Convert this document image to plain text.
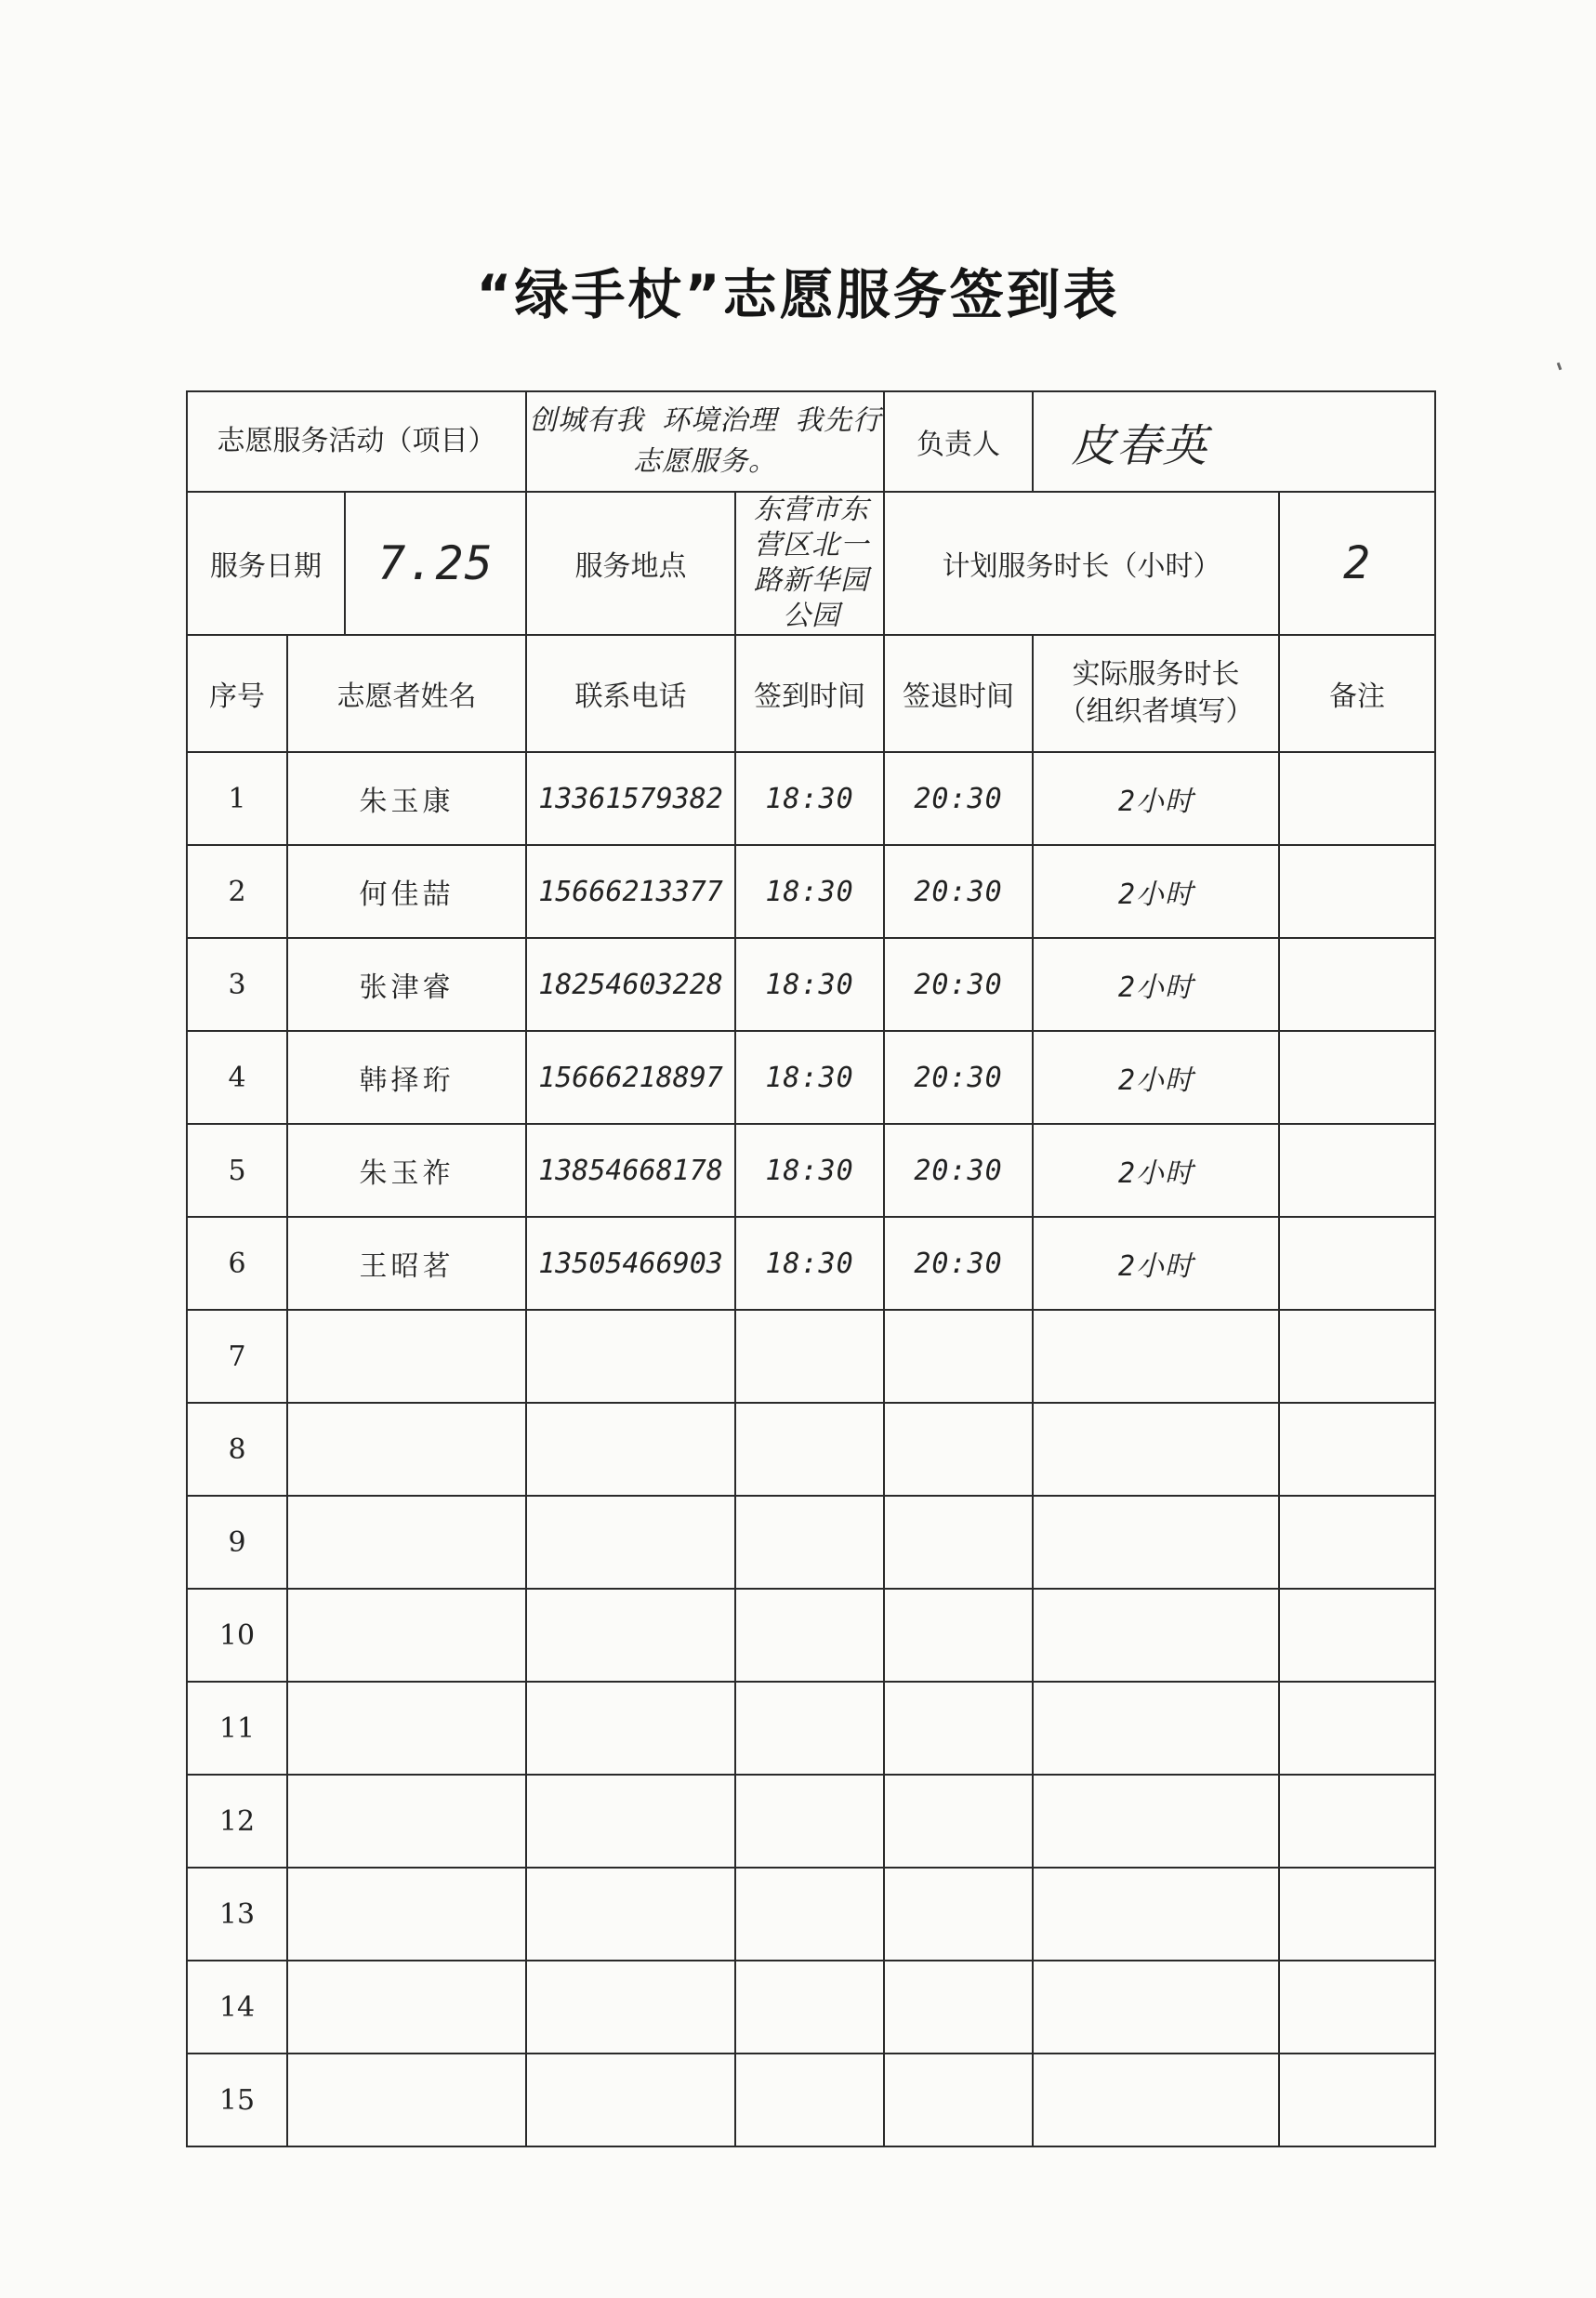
“绿手杖”志愿服务签到表
志愿服务活动（项目）			创城有我 环境治理 我先行志愿服务。		负责人	皮春英	
服务日期		7.25	服务地点	东营市东营区北一路新华园公园	计划服务时长（小时）		2
序号	志愿者姓名		联系电话	签到时间	签退时间	实际服务时长（组织者填写）	备注
1	朱玉康		13361579382	18:30	20:30	2小时	
2	何佳喆		15666213377	18:30	20:30	2小时	
3	张津睿		18254603228	18:30	20:30	2小时	
4	韩择珩		15666218897	18:30	20:30	2小时	
5	朱玉祚		13854668178	18:30	20:30	2小时	
6	王昭茗		13505466903	18:30	20:30	2小时	
7							
8							
9							
10							
11							
12							
13							
14							
15							
